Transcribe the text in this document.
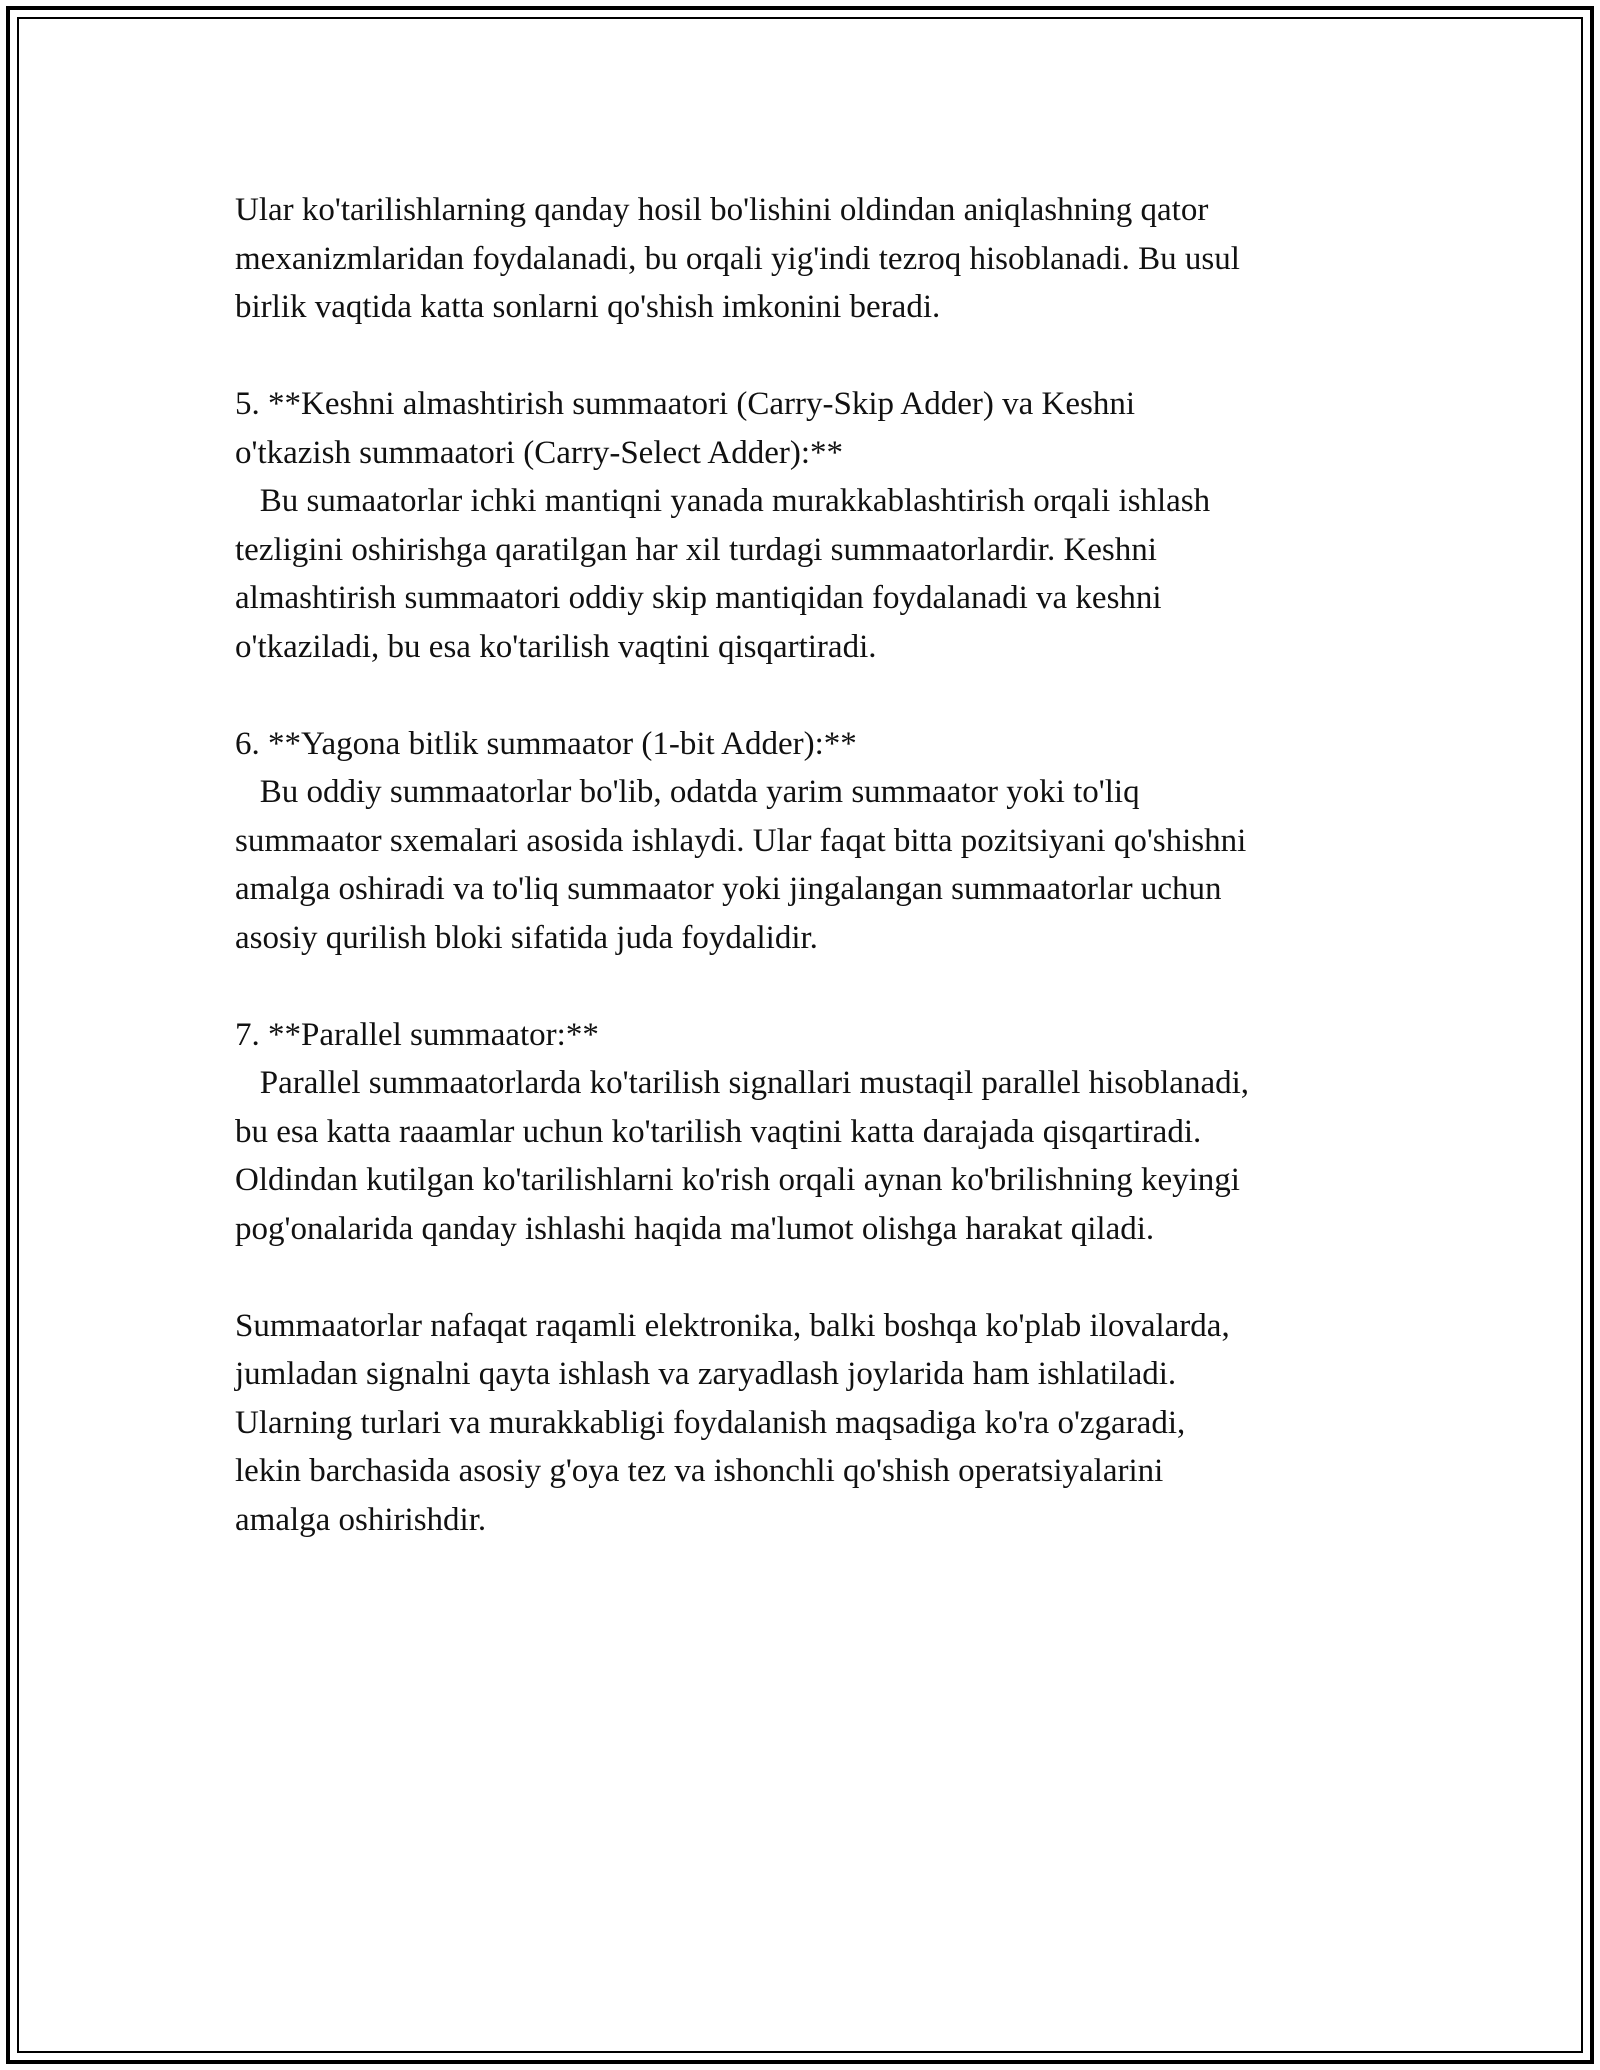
Ular ko'tarilishlarning qanday hosil bo'lishini oldindan aniqlashning qator
mexanizmlaridan foydalanadi, bu orqali yig'indi tezroq hisoblanadi. Bu usul
birlik vaqtida katta sonlarni qo'shish imkonini beradi.

5. **Keshni almashtirish summaatori (Carry-Skip Adder) va Keshni
o'tkazish summaatori (Carry-Select Adder):**
Bu sumaatorlar ichki mantiqni yanada murakkablashtirish orqali ishlash
tezligini oshirishga qaratilgan har xil turdagi summaatorlardir. Keshni
almashtirish summaatori oddiy skip mantiqidan foydalanadi va keshni
o'tkaziladi, bu esa ko'tarilish vaqtini qisqartiradi.

6. **Yagona bitlik summaator (1-bit Adder):**
Bu oddiy summaatorlar bo'lib, odatda yarim summaator yoki to'liq
summaator sxemalari asosida ishlaydi. Ular faqat bitta pozitsiyani qo'shishni
amalga oshiradi va to'liq summaator yoki jingalangan summaatorlar uchun
asosiy qurilish bloki sifatida juda foydalidir.

7. **Parallel summaator:**
Parallel summaatorlarda ko'tarilish signallari mustaqil parallel hisoblanadi,
bu esa katta raaamlar uchun ko'tarilish vaqtini katta darajada qisqartiradi.
Oldindan kutilgan ko'tarilishlarni ko'rish orqali aynan ko'brilishning keyingi
pog'onalarida qanday ishlashi haqida ma'lumot olishga harakat qiladi.

Summaatorlar nafaqat raqamli elektronika, balki boshqa ko'plab ilovalarda,
jumladan signalni qayta ishlash va zaryadlash joylarida ham ishlatiladi.
Ularning turlari va murakkabligi foydalanish maqsadiga ko'ra o'zgaradi,
lekin barchasida asosiy g'oya tez va ishonchli qo'shish operatsiyalarini
amalga oshirishdir.
